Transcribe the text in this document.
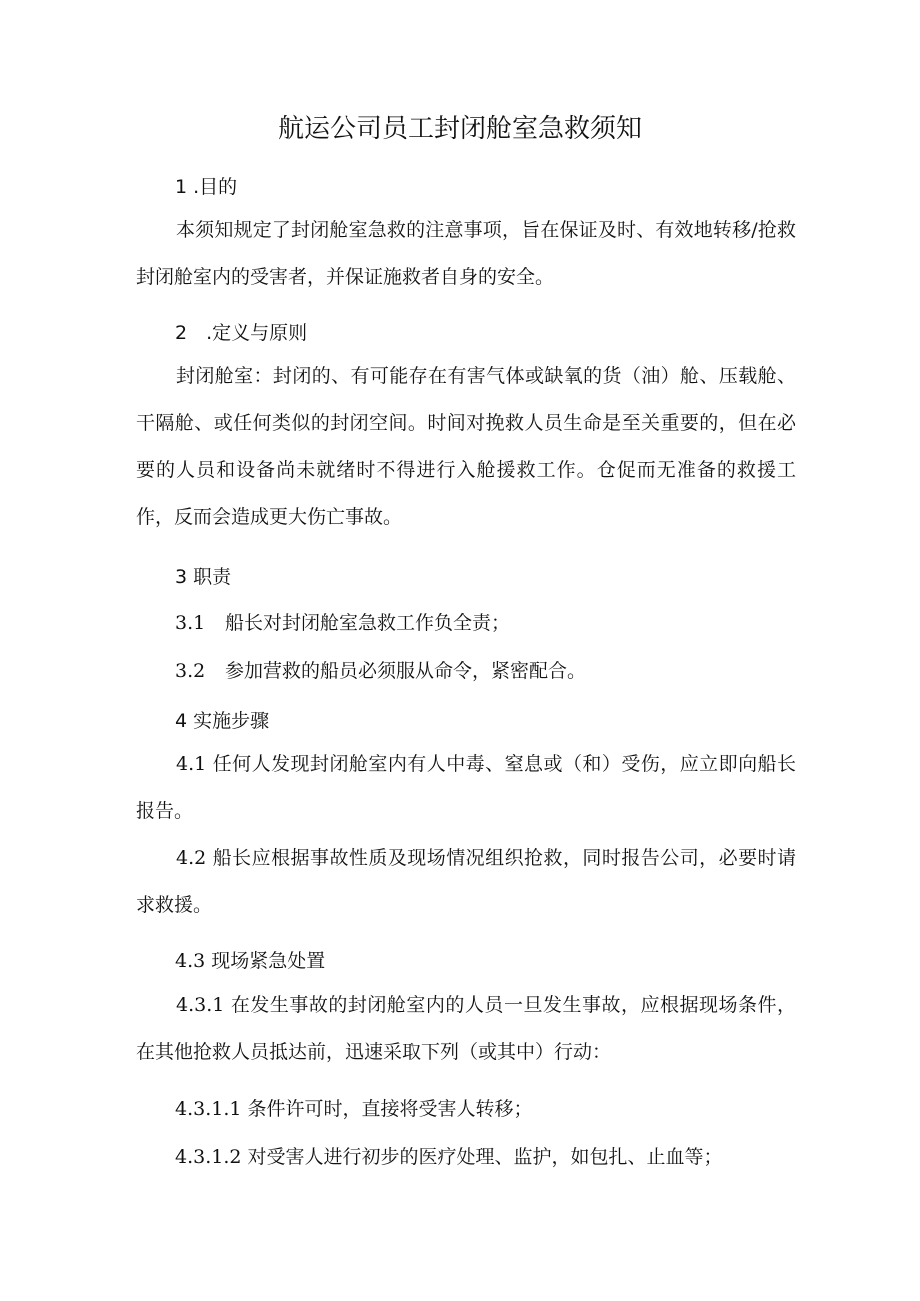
航运公司员工封闭舱室急救须知
1 .目的

本须知规定了封闭舱室急救的注意事项，旨在保证及时、有效地转移/抢救封闭舱室内的受害者，并保证施救者自身的安全。

2　.定义与原则

封闭舱室：封闭的、有可能存在有害气体或缺氧的货（油）舱、压载舱、干隔舱、或任何类似的封闭空间。时间对挽救人员生命是至关重要的，但在必要的人员和设备尚未就绪时不得进行入舱援救工作。仓促而无准备的救援工作，反而会造成更大伤亡事故。

3 职责
3.1 船长对封闭舱室急救工作负全责；
3.2 参加营救的船员必须服从命令，紧密配合。
4 实施步骤

4.1 任何人发现封闭舱室内有人中毒、窒息或（和）受伤，应立即向船长报告。

4.2 船长应根据事故性质及现场情况组织抢救，同时报告公司，必要时请求救援。

4.3 现场紧急处置

4.3.1 在发生事故的封闭舱室内的人员一旦发生事故，应根据现场条件，在其他抢救人员抵达前，迅速采取下列（或其中）行动：

4.3.1.1 条件许可时，直接将受害人转移；
4.3.1.2 对受害人进行初步的医疗处理、监护，如包扎、止血等；
